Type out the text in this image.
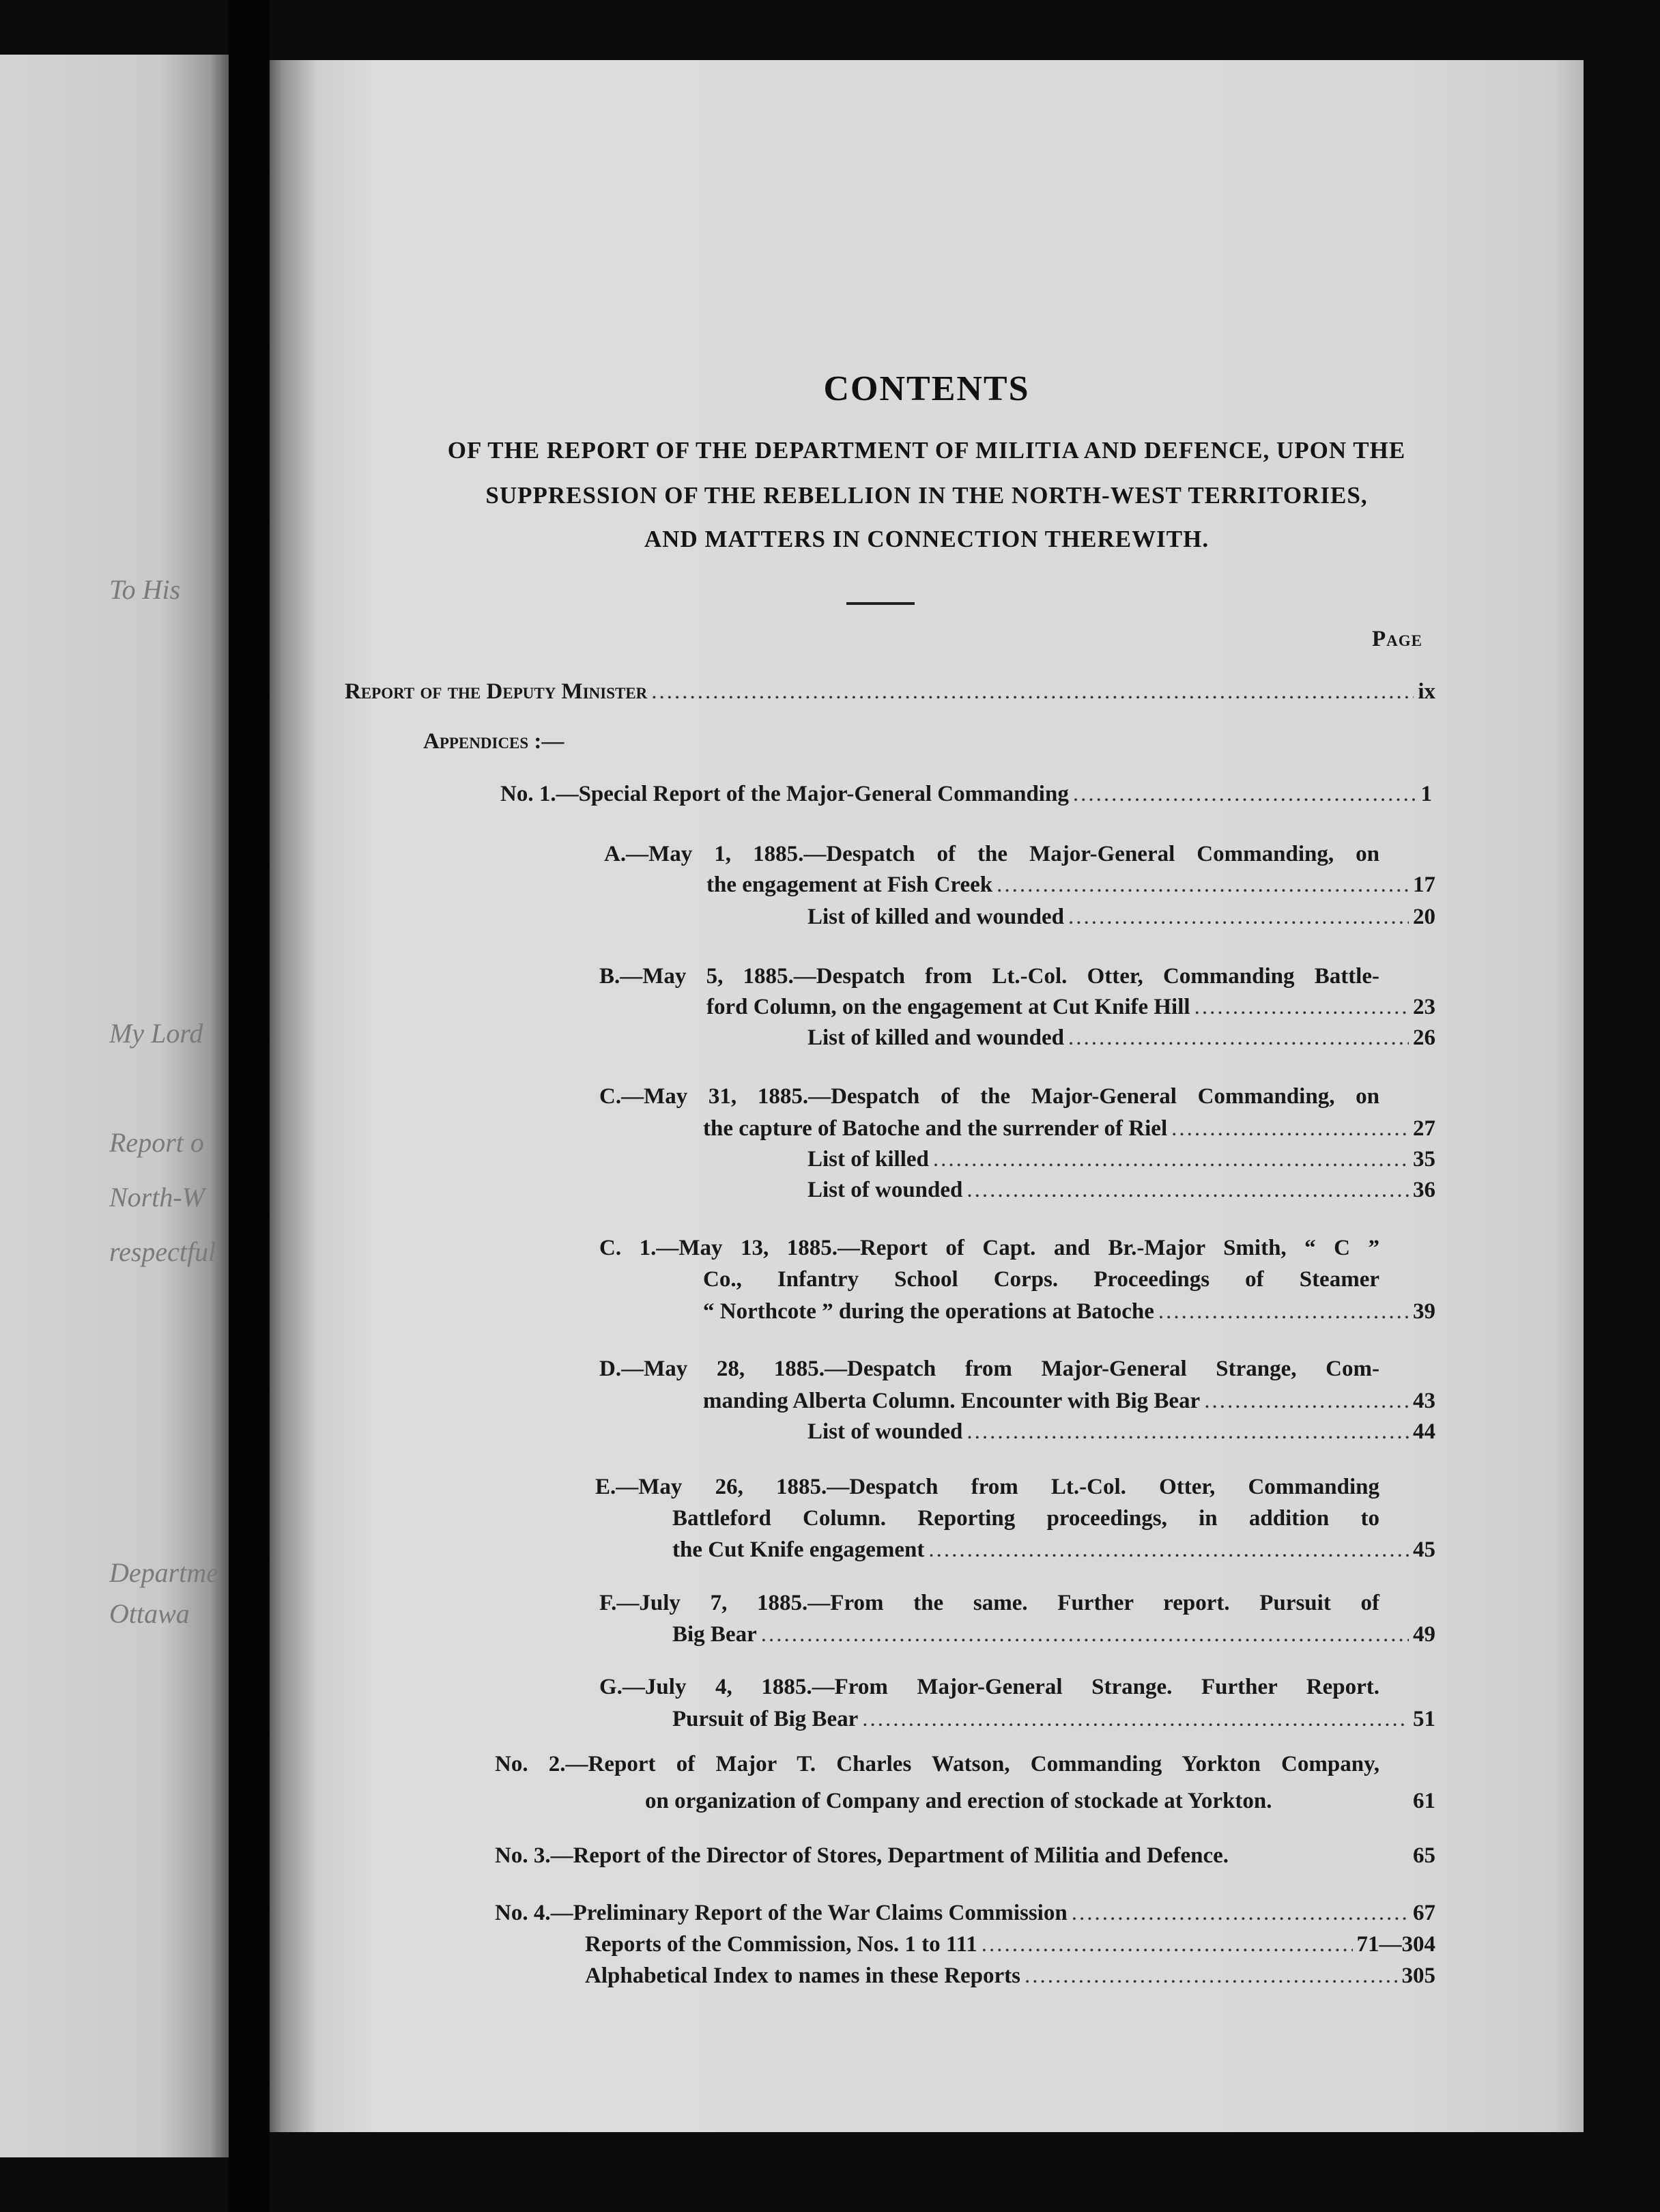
To His
My Lord
Report o
North-W
respectful
Departme
Ottawa
CONTENTS
OF THE REPORT OF THE DEPARTMENT OF MILITIA AND DEFENCE, UPON THE
SUPPRESSION OF THE REBELLION IN THE NORTH-WEST TERRITORIES,
AND MATTERS IN CONNECTION THEREWITH.
Page
Report of the Deputy Minister .....	ix
Appendices :—
No. 1.—Special Report of the Major-General Commanding .....	1
A.—May 1, 1885.—Despatch of the Major-General Commanding, on
the engagement at Fish Creek .....	17
List of killed and wounded .....	20
B.—May 5, 1885.—Despatch from Lt.-Col. Otter, Commanding Battle-
ford Column, on the engagement at Cut Knife Hill .....	23
List of killed and wounded .....	26
C.—May 31, 1885.—Despatch of the Major-General Commanding, on
the capture of Batoche and the surrender of Riel .....	27
List of killed .....	35
List of wounded .....	36
C. 1.—May 13, 1885.—Report of Capt. and Br.-Major Smith, “ C ”
Co., Infantry School Corps. Proceedings of Steamer
“ Northcote ” during the operations at Batoche .....	39
D.—May 28, 1885.—Despatch from Major-General Strange, Com-
manding Alberta Column. Encounter with Big Bear .....	43
List of wounded .....	44
E.—May 26, 1885.—Despatch from Lt.-Col. Otter, Commanding
Battleford Column. Reporting proceedings, in addition to
the Cut Knife engagement .....	45
F.—July 7, 1885.—From the same. Further report. Pursuit of
Big Bear .....	49
G.—July 4, 1885.—From Major-General Strange. Further Report.
Pursuit of Big Bear .....	51
No. 2.—Report of Major T. Charles Watson, Commanding Yorkton Company,
on organization of Company and erection of stockade at Yorkton.	61
No. 3.—Report of the Director of Stores, Department of Militia and Defence.	65
No. 4.—Preliminary Report of the War Claims Commission .....	67
Reports of the Commission, Nos. 1 to 111 .....	71—304
Alphabetical Index to names in these Reports .....	305
